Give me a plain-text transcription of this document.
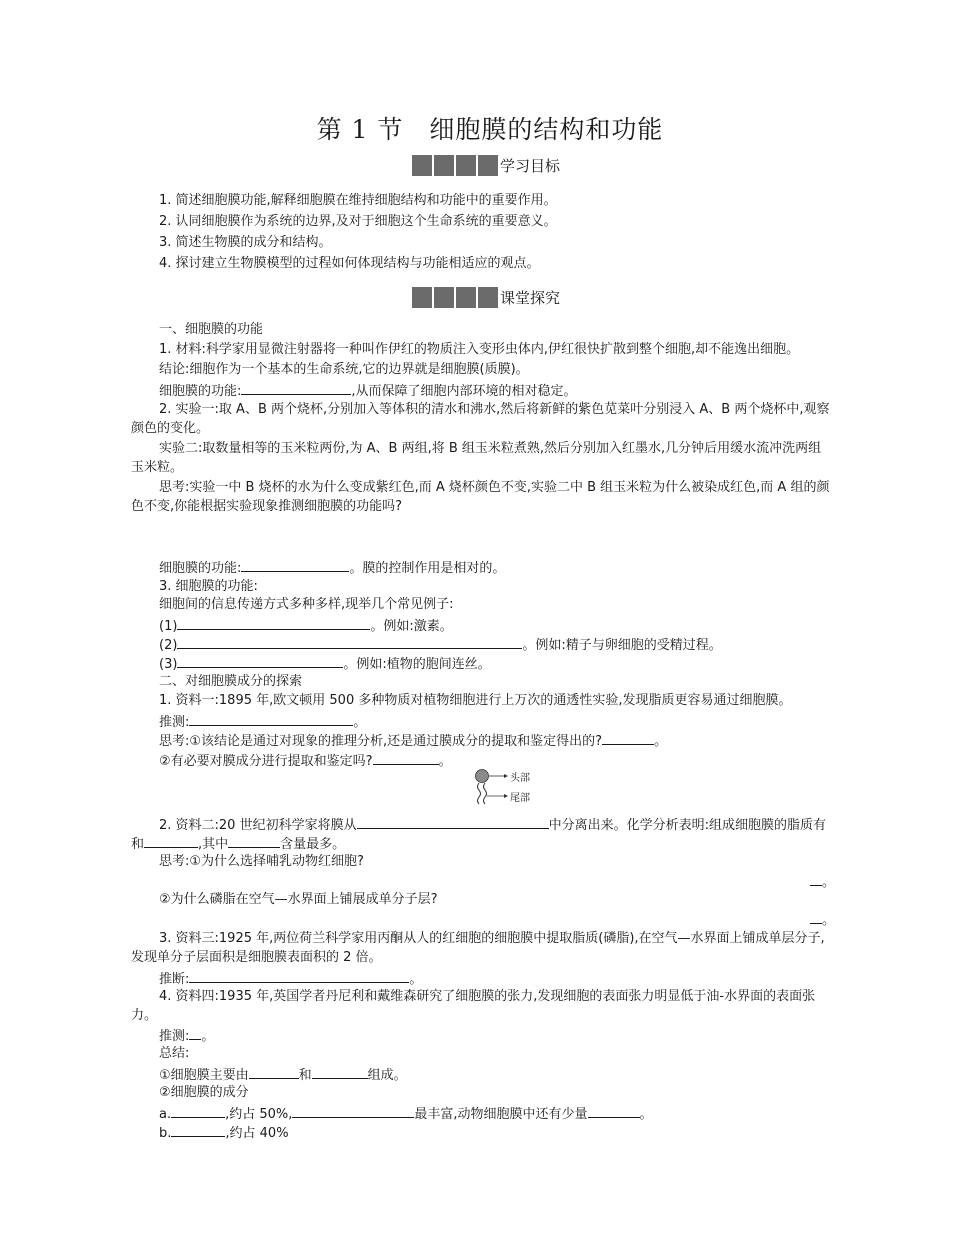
第 1 节　细胞膜的结构和功能
学习目标
1. 简述细胞膜功能,解释细胞膜在维持细胞结构和功能中的重要作用。
2. 认同细胞膜作为系统的边界,及对于细胞这个生命系统的重要意义。
3. 简述生物膜的成分和结构。
4. 探讨建立生物膜模型的过程如何体现结构与功能相适应的观点。
课堂探究
一、细胞膜的功能
1. 材料:科学家用显微注射器将一种叫作伊红的物质注入变形虫体内,伊红很快扩散到整个细胞,却不能逸出细胞。
结论:细胞作为一个基本的生命系统,它的边界就是细胞膜(质膜)。
细胞膜的功能:	,从而保障了细胞内部环境的相对稳定。
2. 实验一:取 A、B 两个烧杯,分别加入等体积的清水和沸水,然后将新鲜的紫色苋菜叶分别浸入 A、B 两个烧杯中,观察
颜色的变化。
实验二:取数量相等的玉米粒两份,为 A、B 两组,将 B 组玉米粒煮熟,然后分别加入红墨水,几分钟后用缓水流冲洗两组
玉米粒。
思考:实验一中 B 烧杯的水为什么变成紫红色,而 A 烧杯颜色不变,实验二中 B 组玉米粒为什么被染成红色,而 A 组的颜
色不变,你能根据实验现象推测细胞膜的功能吗?
细胞膜的功能:	。膜的控制作用是相对的。
3. 细胞膜的功能:
细胞间的信息传递方式多种多样,现举几个常见例子:
(1)	。例如:激素。
(2)	。例如:精子与卵细胞的受精过程。
(3)	。例如:植物的胞间连丝。
二、对细胞膜成分的探索
1. 资料一:1895 年,欧文顿用 500 多种物质对植物细胞进行上万次的通透性实验,发现脂质更容易通过细胞膜。
推测:	。
思考:①该结论是通过对现象的推理分析,还是通过膜成分的提取和鉴定得出的?	。
②有必要对膜成分进行提取和鉴定吗?	。
头部
尾部
2. 资料二:20 世纪初科学家将膜从	中分离出来。化学分析表明:组成细胞膜的脂质有
和	,其中	含量最多。
思考:①为什么选择哺乳动物红细胞?
。
②为什么磷脂在空气—水界面上铺展成单分子层?
。
3. 资料三:1925 年,两位荷兰科学家用丙酮从人的红细胞的细胞膜中提取脂质(磷脂),在空气—水界面上铺成单层分子,
发现单分子层面积是细胞膜表面积的 2 倍。
推断:	。
4. 资料四:1935 年,英国学者丹尼利和戴维森研究了细胞膜的张力,发现细胞的表面张力明显低于油-水界面的表面张
力。
推测: 。
总结:
①细胞膜主要由	和	组成。
②细胞膜的成分
a.	,约占 50%,	最丰富,动物细胞膜中还有少量	。
b.	,约占 40%
